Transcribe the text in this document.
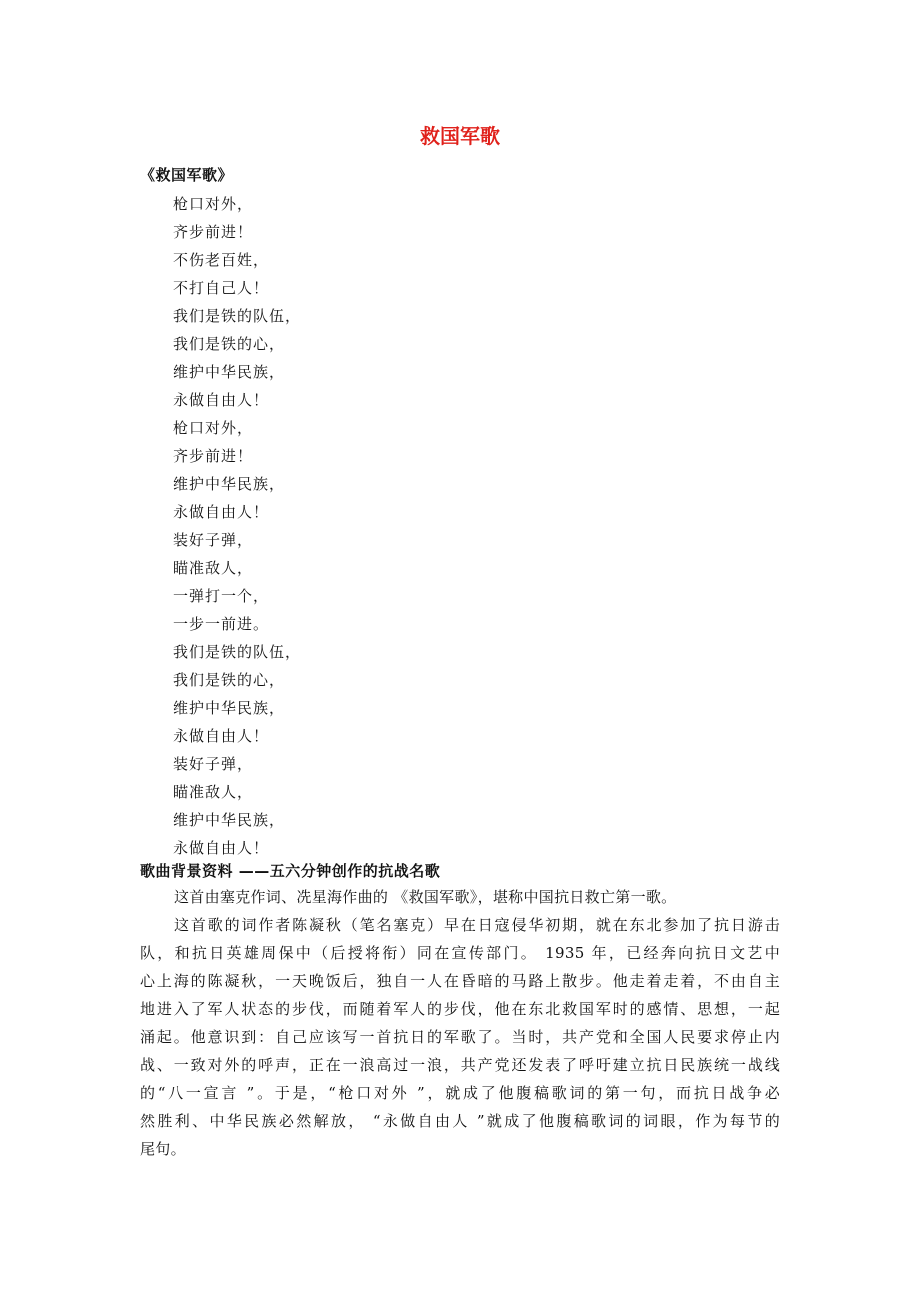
救国军歌
《救国军歌》
枪口对外，
齐步前进！
不伤老百姓，
不打自己人！
我们是铁的队伍，
我们是铁的心，
维护中华民族，
永做自由人！
枪口对外，
齐步前进！
维护中华民族，
永做自由人！
装好子弹，
瞄准敌人，
一弹打一个，
一步一前进。
我们是铁的队伍，
我们是铁的心，
维护中华民族，
永做自由人！
装好子弹，
瞄准敌人，
维护中华民族，
永做自由人！
歌曲背景资料 ——五六分钟创作的抗战名歌
这首由塞克作词、冼星海作曲的 《救国军歌》，堪称中国抗日救亡第一歌。
这首歌的词作者陈凝秋（笔名塞克）早在日寇侵华初期，就在东北参加了抗日游击
队，和抗日英雄周保中（后授将衔）同在宣传部门。 1935 年，已经奔向抗日文艺中
心上海的陈凝秋，一天晚饭后，独自一人在昏暗的马路上散步。他走着走着，不由自主
地进入了军人状态的步伐，而随着军人的步伐，他在东北救国军时的感情、思想，一起
涌起。他意识到：自己应该写一首抗日的军歌了。当时，共产党和全国人民要求停止内
战、一致对外的呼声，正在一浪高过一浪，共产党还发表了呼吁建立抗日民族统一战线
的“八一宣言 ”。于是，“枪口对外 ”，就成了他腹稿歌词的第一句，而抗日战争必
然胜利、中华民族必然解放， “永做自由人 ”就成了他腹稿歌词的词眼，作为每节的
尾句。
